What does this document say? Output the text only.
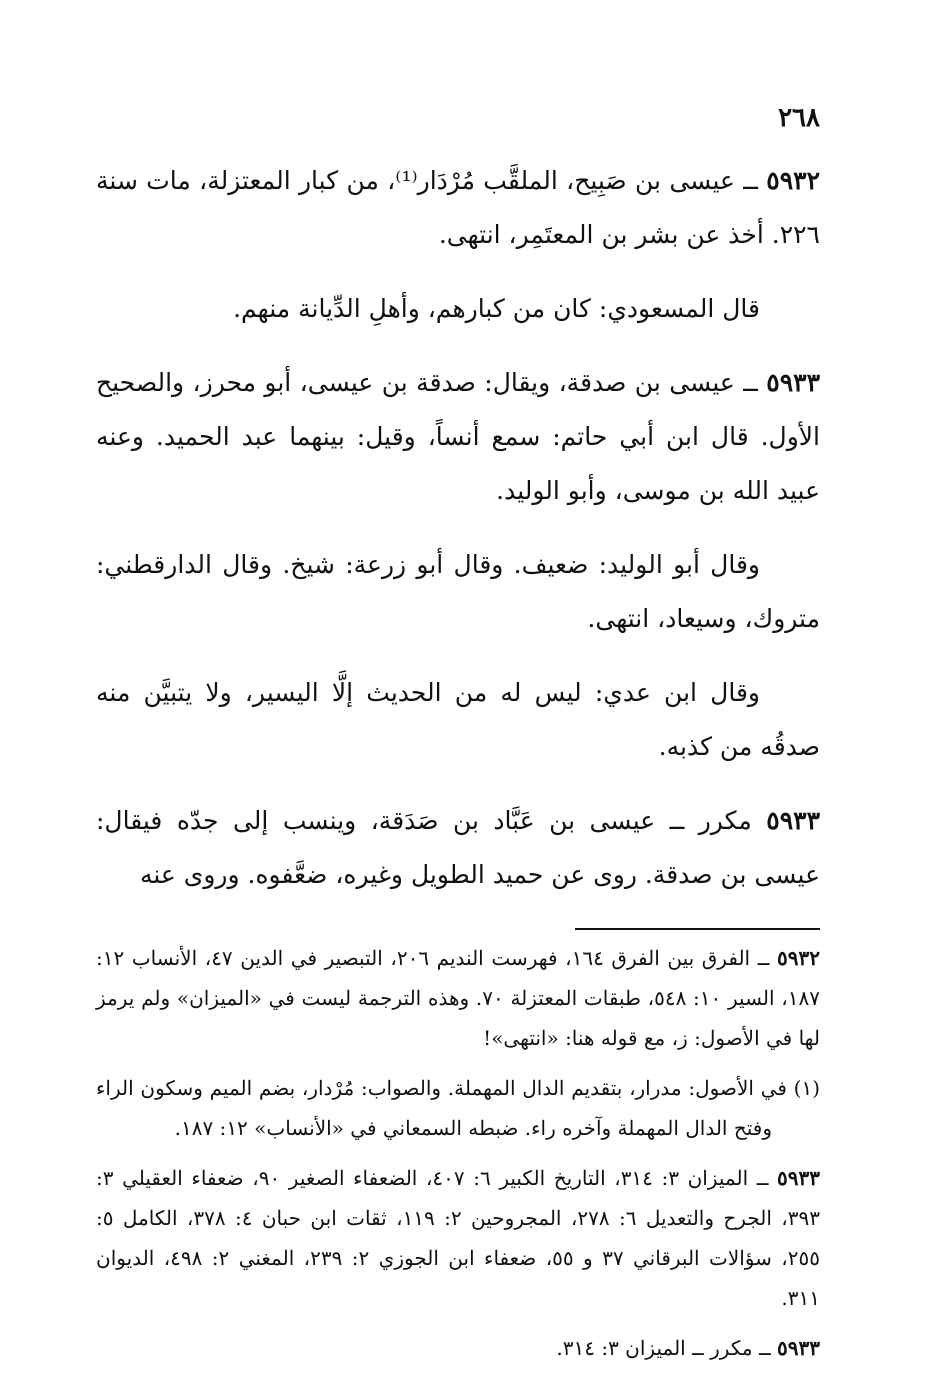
٢٦٨
٥٩٣٢ ــ عيسى بن صَبِيح، الملقَّب مُرْدَار⁽¹⁾، من كبار المعتزلة، مات سنة ٢٢٦. أخذ عن بشر بن المعتَمِر، انتهى.
قال المسعودي: كان من كبارهم، وأهلِ الدِّيانة منهم.
٥٩٣٣ ــ عيسى بن صدقة، ويقال: صدقة بن عيسى، أبو محرز، والصحيح الأول. قال ابن أبي حاتم: سمع أنساً، وقيل: بينهما عبد الحميد. وعنه عبيد الله بن موسى، وأبو الوليد.
وقال أبو الوليد: ضعيف. وقال أبو زرعة: شيخ. وقال الدارقطني: متروك، وسيعاد، انتهى.
وقال ابن عدي: ليس له من الحديث إلَّا اليسير، ولا يتبيَّن منه صدقُه من كذبه.
٥٩٣٣ مكرر ــ عيسى بن عَبَّاد بن صَدَقة، وينسب إلى جدّه فيقال: عيسى بن صدقة. روى عن حميد الطويل وغيره، ضعَّفوه. وروى عنه
٥٩٣٢ ــ الفرق بين الفرق ١٦٤، فهرست النديم ٢٠٦، التبصير في الدين ٤٧، الأنساب ١٢: ١٨٧، السير ١٠: ٥٤٨، طبقات المعتزلة ٧٠. وهذه الترجمة ليست في «الميزان» ولم يرمز لها في الأصول: ز، مع قوله هنا: «انتهى»!
(١) في الأصول: مدرار، بتقديم الدال المهملة. والصواب: مُرْدار، بضم الميم وسكون الراء وفتح الدال المهملة وآخره راء. ضبطه السمعاني في «الأنساب» ١٢: ١٨٧.
٥٩٣٣ ــ الميزان ٣: ٣١٤، التاريخ الكبير ٦: ٤٠٧، الضعفاء الصغير ٩٠، ضعفاء العقيلي ٣: ٣٩٣، الجرح والتعديل ٦: ٢٧٨، المجروحين ٢: ١١٩، ثقات ابن حبان ٤: ٣٧٨، الكامل ٥: ٢٥٥، سؤالات البرقاني ٣٧ و ٥٥، ضعفاء ابن الجوزي ٢: ٢٣٩، المغني ٢: ٤٩٨، الديوان ٣١١.
٥٩٣٣ ــ مكرر ــ الميزان ٣: ٣١٤.
